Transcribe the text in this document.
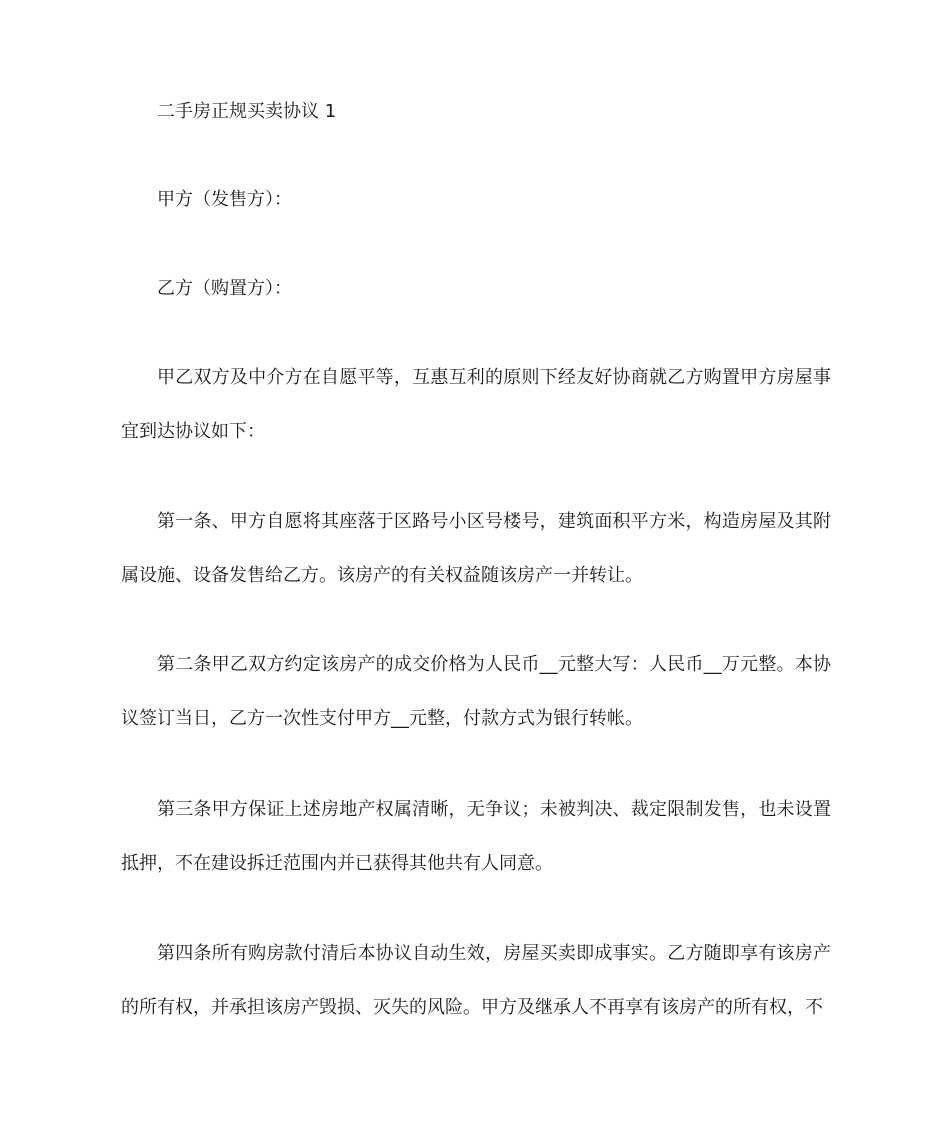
二手房正规买卖协议 1

甲方（发售方）：

乙方（购置方）：

甲乙双方及中介方在自愿平等，互惠互利的原则下经友好协商就乙方购置甲方房屋事宜到达协议如下：

第一条、甲方自愿将其座落于区路号小区号楼号，建筑面积平方米，构造房屋及其附属设施、设备发售给乙方。该房产的有关权益随该房产一并转让。

第二条甲乙双方约定该房产的成交价格为人民币__元整大写：人民币__万元整。本协议签订当日，乙方一次性支付甲方__元整，付款方式为银行转帐。

第三条甲方保证上述房地产权属清晰，无争议；未被判决、裁定限制发售，也未设置抵押，不在建设拆迁范围内并已获得其他共有人同意。

第四条所有购房款付清后本协议自动生效，房屋买卖即成事实。乙方随即享有该房产的所有权，并承担该房产毁损、灭失的风险。甲方及继承人不再享有该房产的所有权，不
